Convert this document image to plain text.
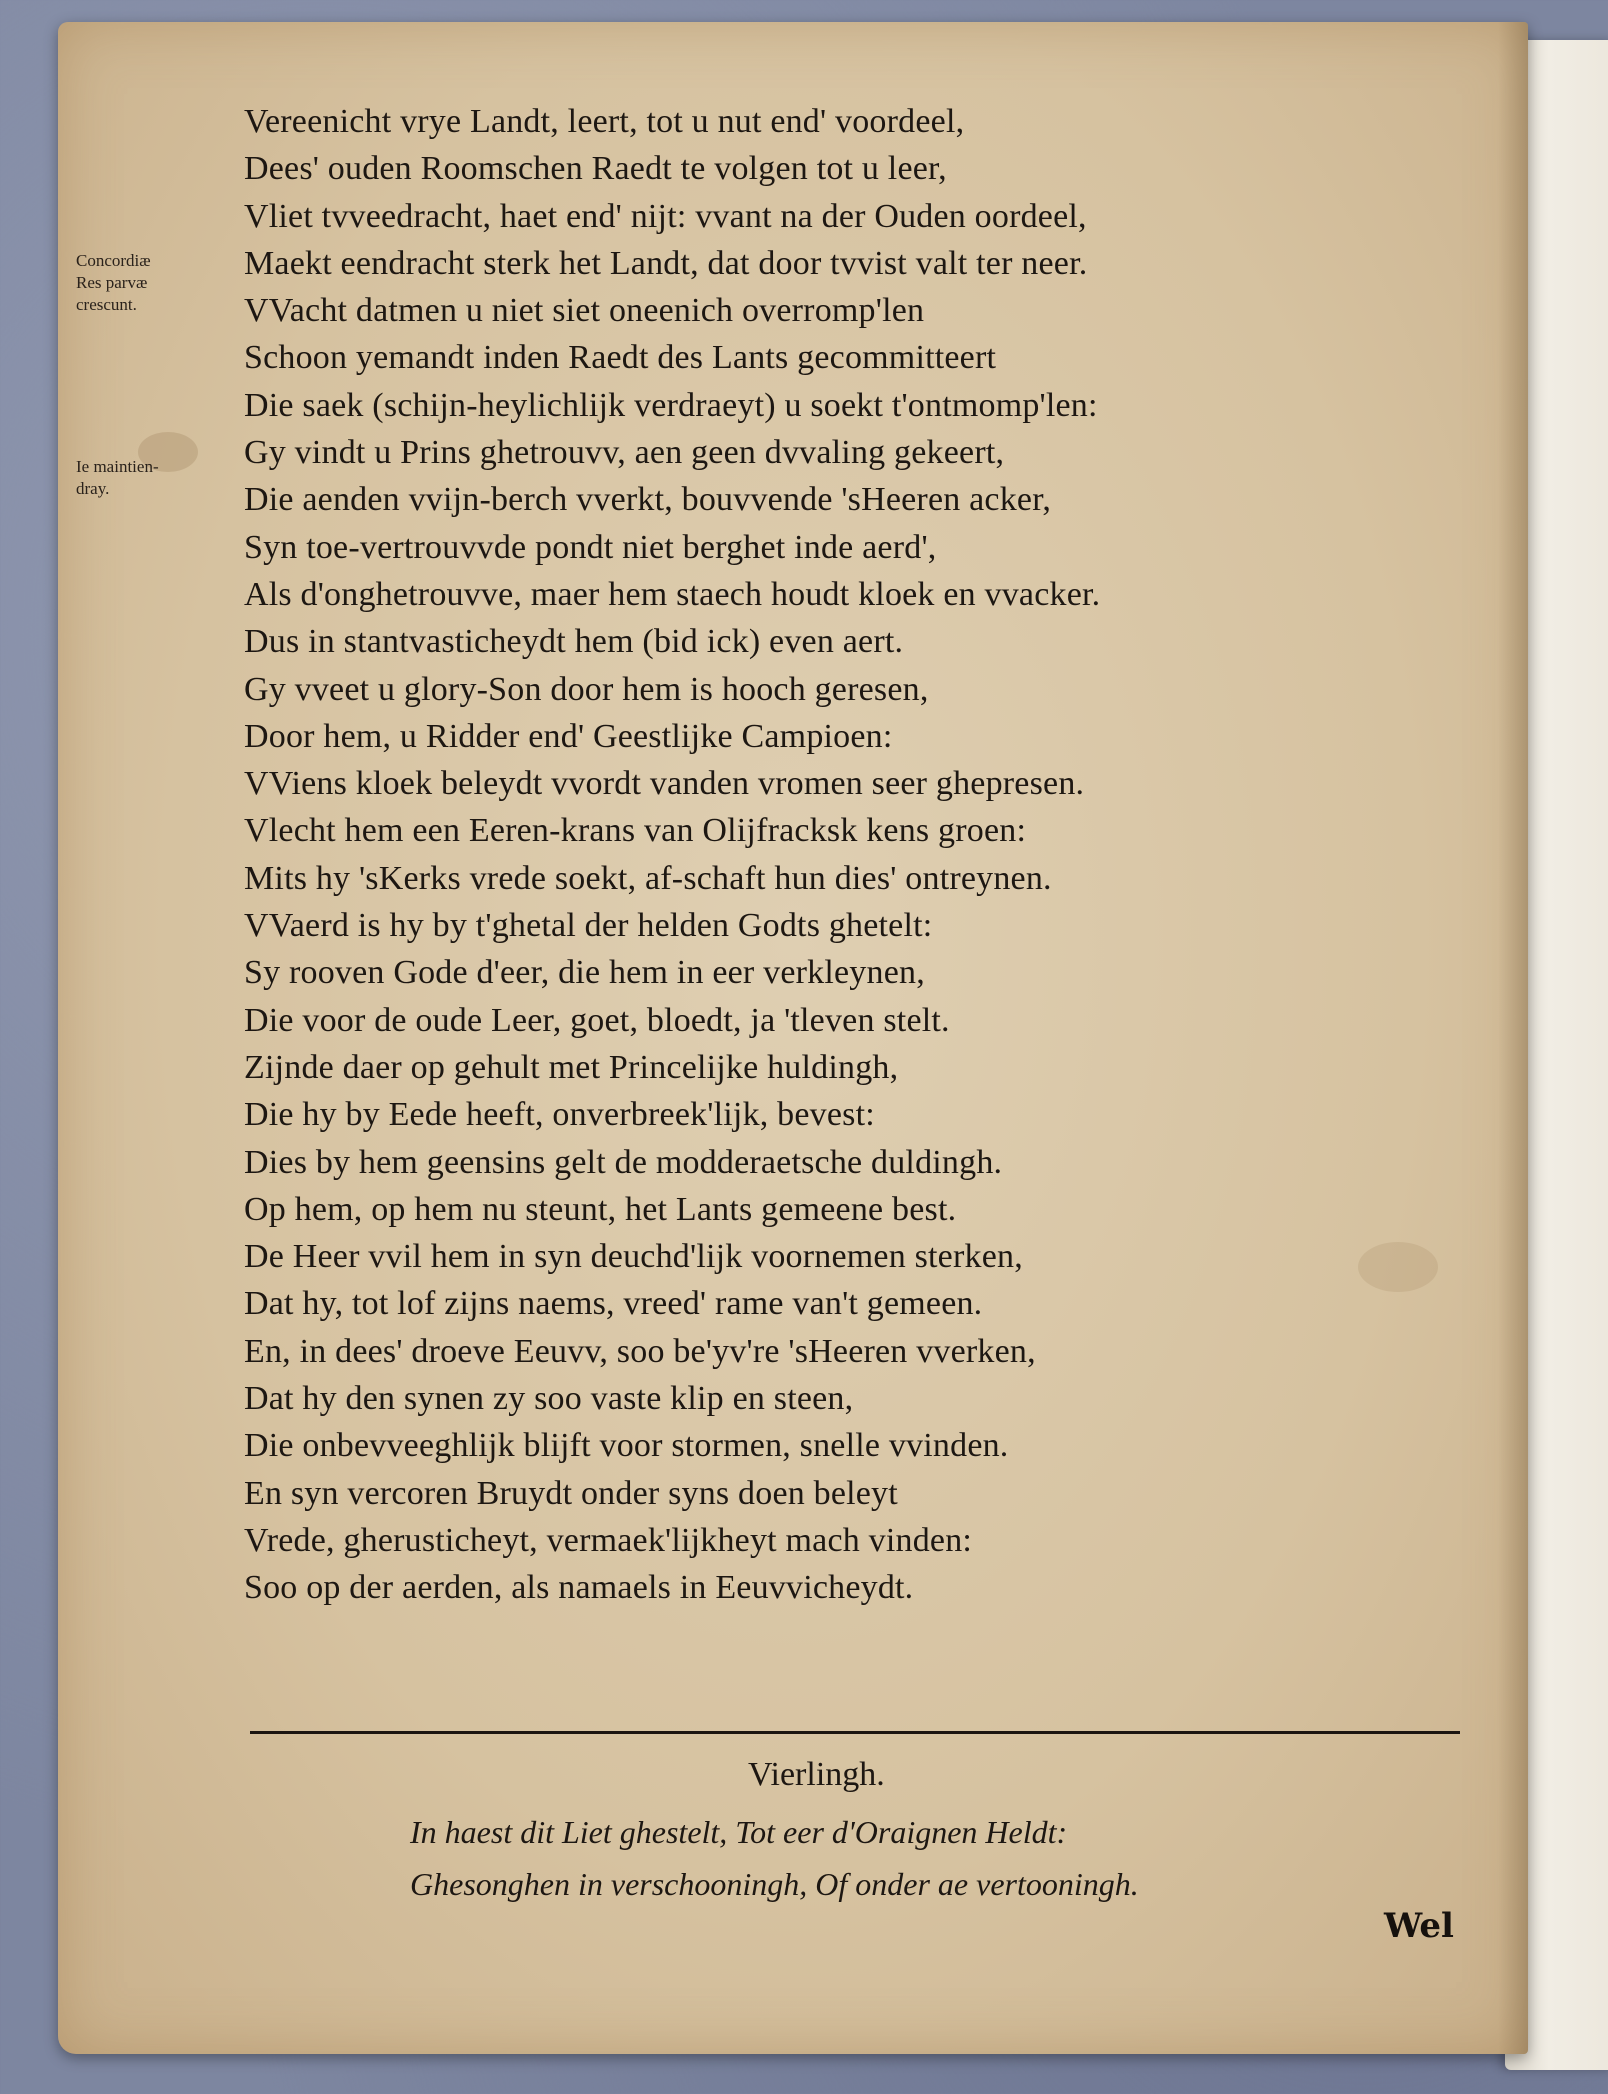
Concordiæ
Res parvæ
crescunt.
Ie maintien-
dray.
Vereenicht vrye Landt, leert, tot u nut end' voordeel,
Dees' ouden Roomschen Raedt te volgen tot u leer,
Vliet tvveedracht, haet end' nijt: vvant na der Ouden oordeel,
Maekt eendracht sterk het Landt, dat door tvvist valt ter neer.
VVacht datmen u niet siet oneenich overromp'len
Schoon yemandt inden Raedt des Lants gecommitteert
Die saek (schijn-heylichlijk verdraeyt) u soekt t'ontmomp'len:
Gy vindt u Prins ghetrouvv, aen geen dvvaling gekeert,
Die aenden vvijn-berch vverkt, bouvvende 'sHeeren acker,
Syn toe-vertrouvvde pondt niet berghet inde aerd',
Als d'onghetrouvve, maer hem staech houdt kloek en vvacker.
Dus in stantvasticheydt hem (bid ick) even aert.
Gy vveet u glory-Son door hem is hooch geresen,
Door hem, u Ridder end' Geestlijke Campioen:
VViens kloek beleydt vvordt vanden vromen seer ghepresen.
Vlecht hem een Eeren-krans van Olijfracksk kens groen:
Mits hy 'sKerks vrede soekt, af-schaft hun dies' ontreynen.
VVaerd is hy by t'ghetal der helden Godts ghetelt:
Sy rooven Gode d'eer, die hem in eer verkleynen,
Die voor de oude Leer, goet, bloedt, ja 'tleven stelt.
Zijnde daer op gehult met Princelijke huldingh,
Die hy by Eede heeft, onverbreek'lijk, bevest:
Dies by hem geensins gelt de modderaetsche duldingh.
Op hem, op hem nu steunt, het Lants gemeene best.
De Heer vvil hem in syn deuchd'lijk voornemen sterken,
Dat hy, tot lof zijns naems, vreed' rame van't gemeen.
En, in dees' droeve Eeuvv, soo be'yv're 'sHeeren vverken,
Dat hy den synen zy soo vaste klip en steen,
Die onbevveeghlijk blijft voor stormen, snelle vvinden.
En syn vercoren Bruydt onder syns doen beleyt
Vrede, gherusticheyt, vermaek'lijkheyt mach vinden:
Soo op der aerden, als namaels in Eeuvvicheydt.
Vierlingh.
In haest dit Liet ghestelt, Tot eer d'Oraignen Heldt:
Ghesonghen in verschooningh, Of onder ae vertooningh.
Wel
